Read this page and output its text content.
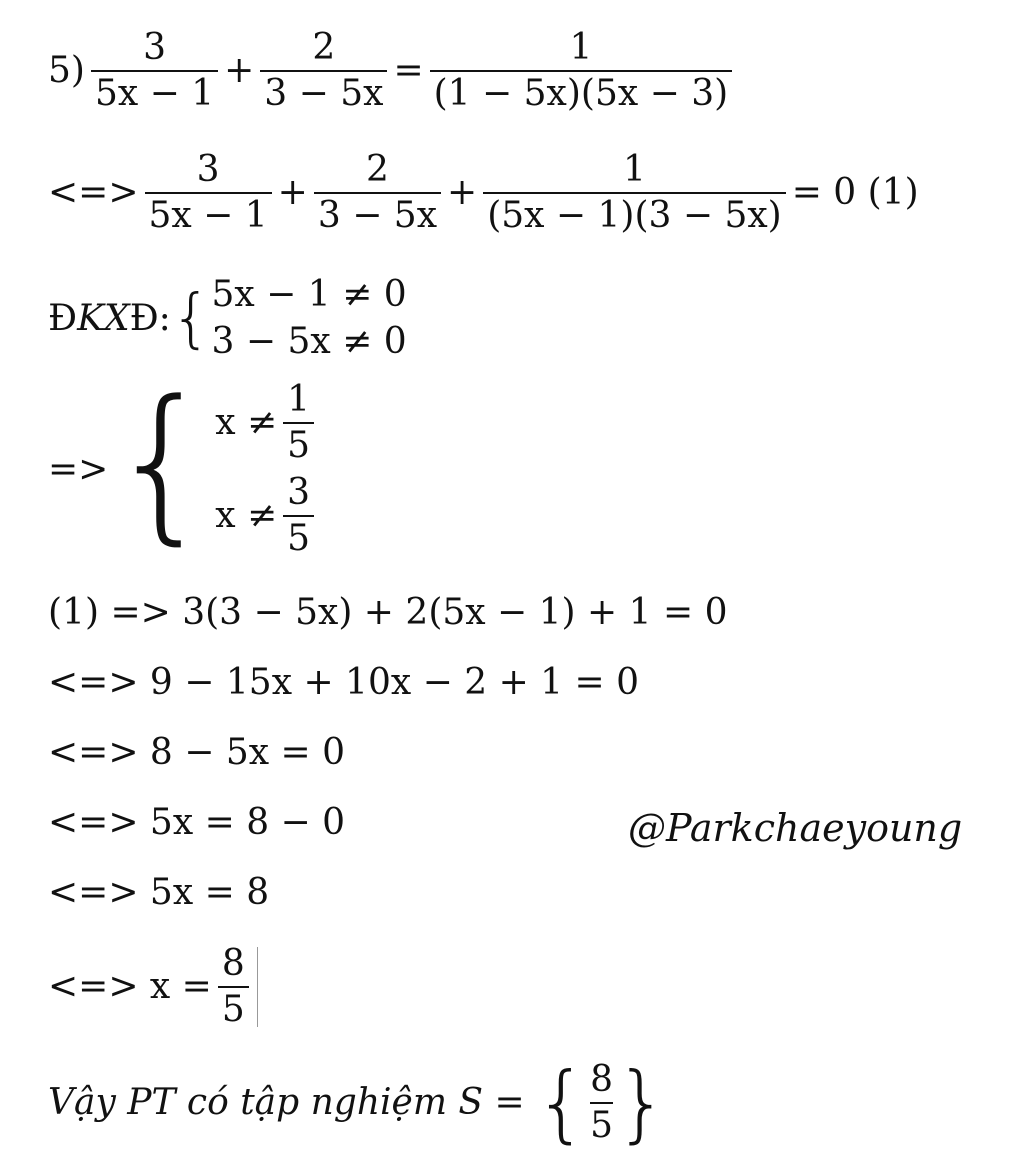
$5) \frac{3}{5x - 1} + \frac{2}{3 - 5x} = \frac{1}{(1 - 5x)(5x - 3)}$
<=> $\frac{3}{5x - 1} + \frac{2}{3 - 5x} + \frac{1}{(5x - 1)(3 - 5x)} = 0$ (1)
Đ KX Đ: { 5x − 1 ≠ 0
3 − 5x ≠ 0
=> { $x \ne \frac{1}{5}$
$x \ne \frac{3}{5}$
(1) => 3(3 − 5x) + 2(5x − 1) + 1 = 0
<=> 9 − 15x + 10x − 2 + 1 = 0
<=> 8 − 5x = 0
<=> 5x = 8 − 0
<=> 5x = 8
<=> $x = \frac{8}{5}$
Vậy PT có tập nghiệm S = { $\frac{8}{5}$ }
@Parkchaeyoung
